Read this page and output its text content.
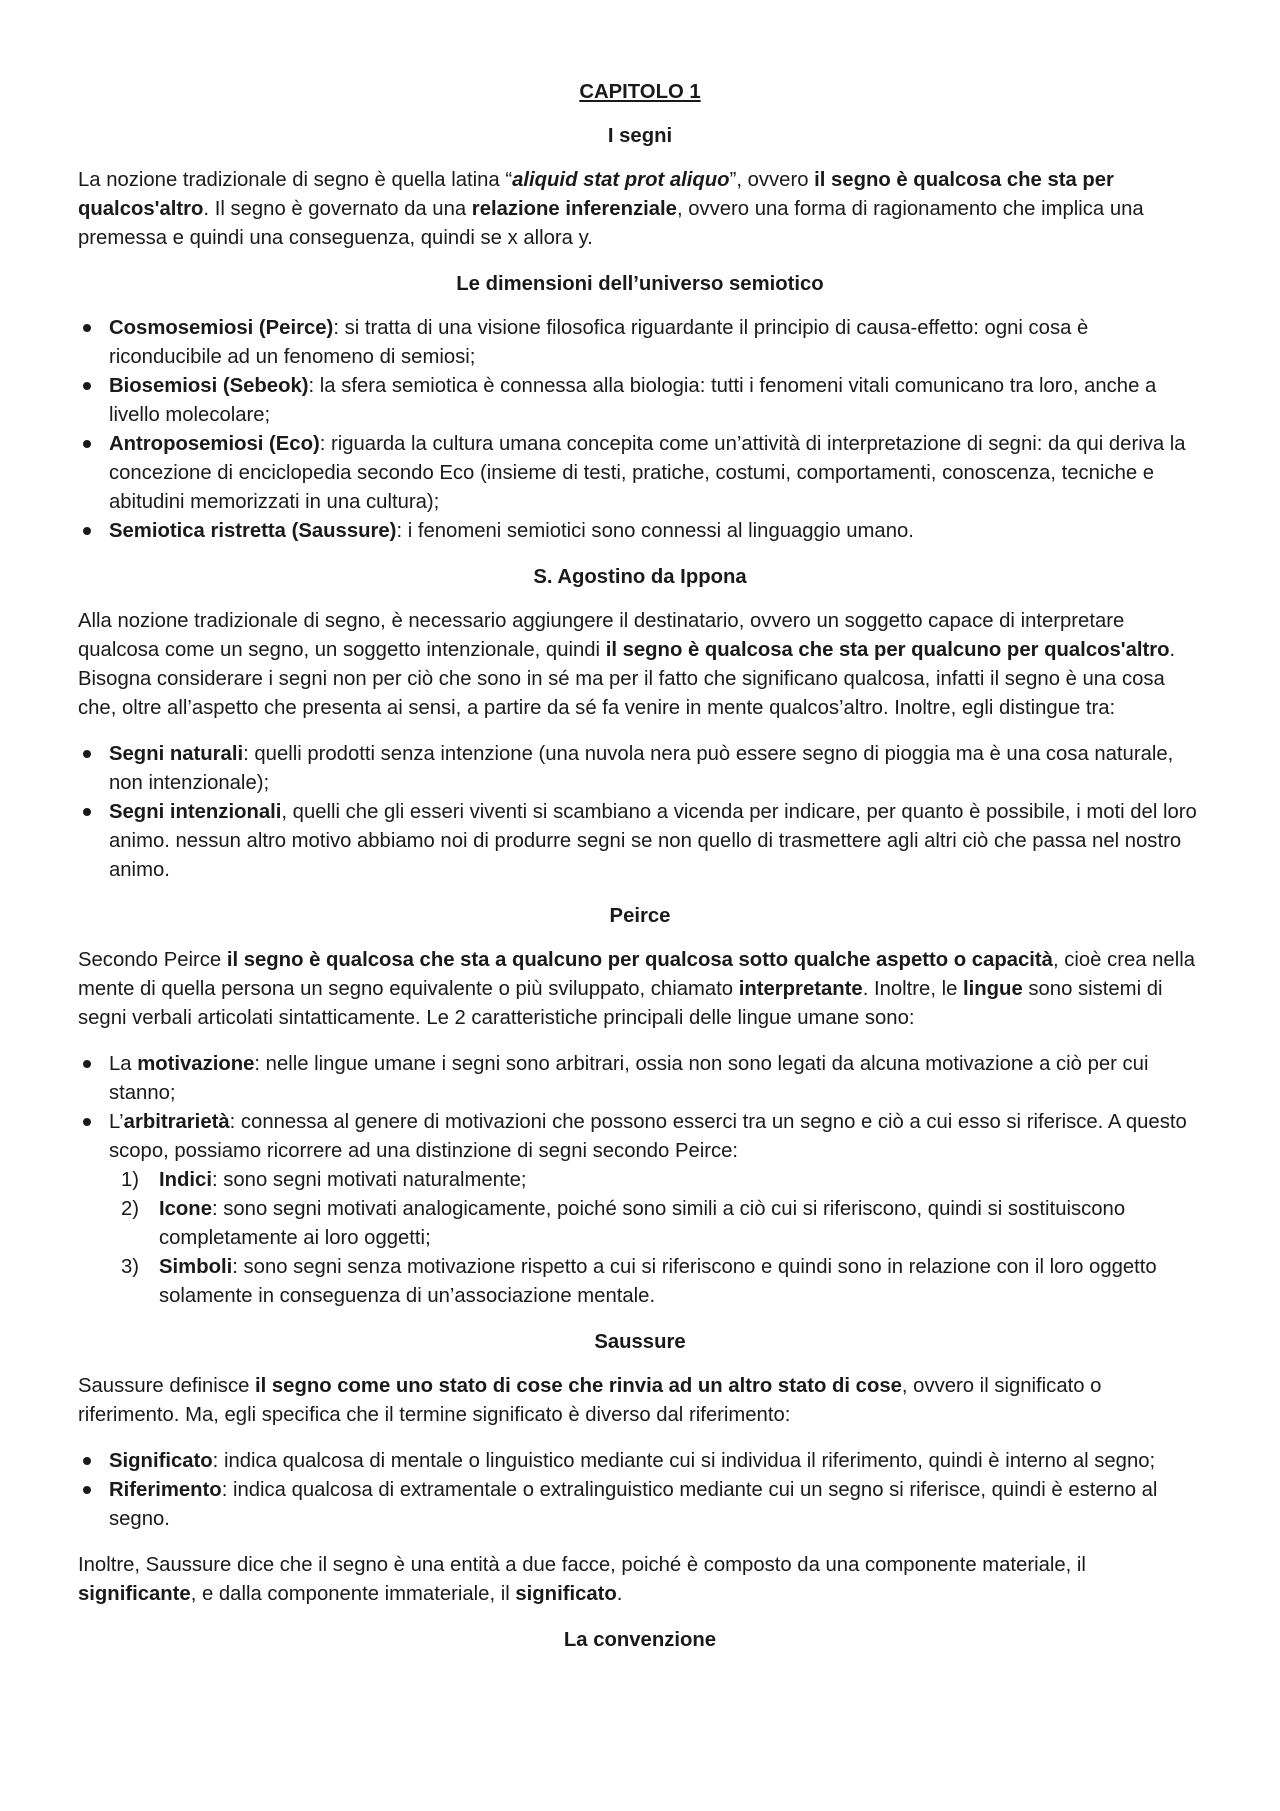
CAPITOLO 1
I segni

La nozione tradizionale di segno è quella latina “aliquid stat prot aliquo”, ovvero il segno è qualcosa che sta per qualcos'altro. Il segno è governato da una relazione inferenziale, ovvero una forma di ragionamento che implica una premessa e quindi una conseguenza, quindi se x allora y.

Le dimensioni dell’universo semiotico
Cosmosemiosi (Peirce): si tratta di una visione filosofica riguardante il principio di causa-effetto: ogni cosa è riconducibile ad un fenomeno di semiosi;
Biosemiosi (Sebeok): la sfera semiotica è connessa alla biologia: tutti i fenomeni vitali comunicano tra loro, anche a livello molecolare;
Antroposemiosi (Eco): riguarda la cultura umana concepita come un’attività di interpretazione di segni: da qui deriva la concezione di enciclopedia secondo Eco (insieme di testi, pratiche, costumi, comportamenti, conoscenza, tecniche e abitudini memorizzati in una cultura);
Semiotica ristretta (Saussure): i fenomeni semiotici sono connessi al linguaggio umano.
S. Agostino da Ippona

Alla nozione tradizionale di segno, è necessario aggiungere il destinatario, ovvero un soggetto capace di interpretare qualcosa come un segno, un soggetto intenzionale, quindi il segno è qualcosa che sta per qualcuno per qualcos'altro. Bisogna considerare i segni non per ciò che sono in sé ma per il fatto che significano qualcosa, infatti il segno è una cosa che, oltre all’aspetto che presenta ai sensi, a partire da sé fa venire in mente qualcos’altro. Inoltre, egli distingue tra:

Segni naturali: quelli prodotti senza intenzione (una nuvola nera può essere segno di pioggia ma è una cosa naturale, non intenzionale);
Segni intenzionali, quelli che gli esseri viventi si scambiano a vicenda per indicare, per quanto è possibile, i moti del loro animo. nessun altro motivo abbiamo noi di produrre segni se non quello di trasmettere agli altri ciò che passa nel nostro animo.
Peirce

Secondo Peirce il segno è qualcosa che sta a qualcuno per qualcosa sotto qualche aspetto o capacità, cioè crea nella mente di quella persona un segno equivalente o più sviluppato, chiamato interpretante. Inoltre, le lingue sono sistemi di segni verbali articolati sintatticamente. Le 2 caratteristiche principali delle lingue umane sono:

La motivazione: nelle lingue umane i segni sono arbitrari, ossia non sono legati da alcuna motivazione a ciò per cui stanno;
L’arbitrarietà: connessa al genere di motivazioni che possono esserci tra un segno e ciò a cui esso si riferisce. A questo scopo, possiamo ricorrere ad una distinzione di segni secondo Peirce:
1) Indici: sono segni motivati naturalmente;
2) Icone: sono segni motivati analogicamente, poiché sono simili a ciò cui si riferiscono, quindi si sostituiscono completamente ai loro oggetti;
3) Simboli: sono segni senza motivazione rispetto a cui si riferiscono e quindi sono in relazione con il loro oggetto solamente in conseguenza di un’associazione mentale.
Saussure

Saussure definisce il segno come uno stato di cose che rinvia ad un altro stato di cose, ovvero il significato o riferimento. Ma, egli specifica che il termine significato è diverso dal riferimento:

Significato: indica qualcosa di mentale o linguistico mediante cui si individua il riferimento, quindi è interno al segno;
Riferimento: indica qualcosa di extramentale o extralinguistico mediante cui un segno si riferisce, quindi è esterno al segno.

Inoltre, Saussure dice che il segno è una entità a due facce, poiché è composto da una componente materiale, il significante, e dalla componente immateriale, il significato.

La convenzione
